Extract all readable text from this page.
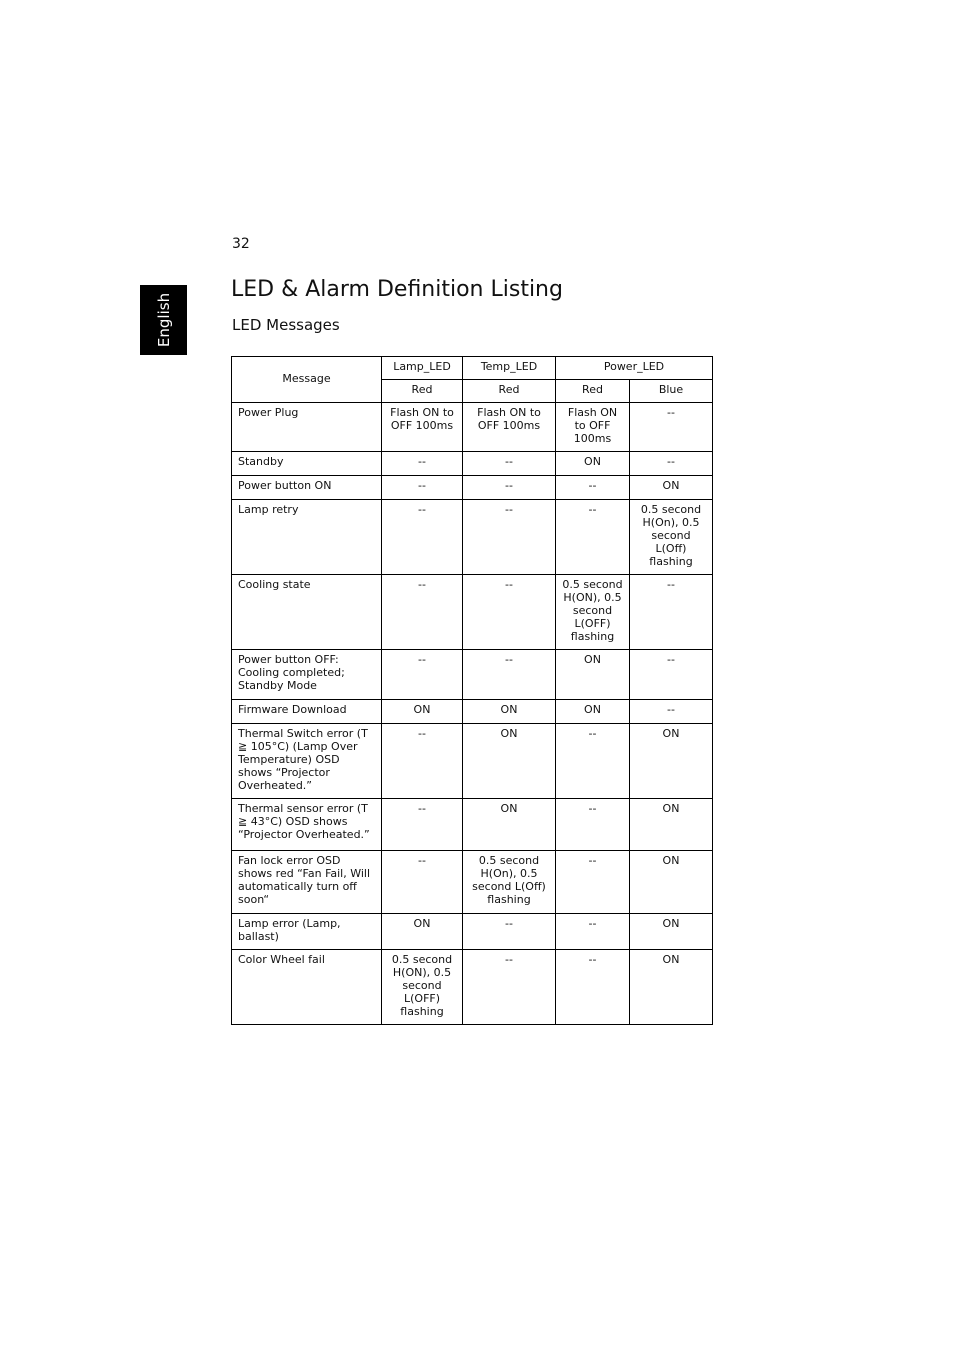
32
English
LED & Alarm Definition Listing
LED Messages
Message	Lamp_LED	Temp_LED	Power_LED	
	Red	Red	Red	Blue
Power Plug	Flash ON to OFF 100ms	Flash ON to OFF 100ms	Flash ON to OFF 100ms	--
Standby	--	--	ON	--
Power button ON	--	--	--	ON
Lamp retry	--	--	--	0.5 second H(On), 0.5 second L(Off) flashing
Cooling state	--	--	0.5 second H(ON), 0.5 second L(OFF) flashing	--
Power button OFF: Cooling completed; Standby Mode	--	--	ON	--
Firmware Download	ON	ON	ON	--
Thermal Switch error (T ≧ 105°C) (Lamp Over Temperature) OSD shows “Projector Overheated.”	--	ON	--	ON
Thermal sensor error (T ≧ 43°C) OSD shows “Projector Overheated.”	--	ON	--	ON
Fan lock error OSD shows red “Fan Fail, Will automatically turn off soon“	--	0.5 second H(On), 0.5 second L(Off) flashing	--	ON
Lamp error (Lamp, ballast)	ON	--	--	ON
Color Wheel fail	0.5 second H(ON), 0.5 second L(OFF) flashing	--	--	ON
